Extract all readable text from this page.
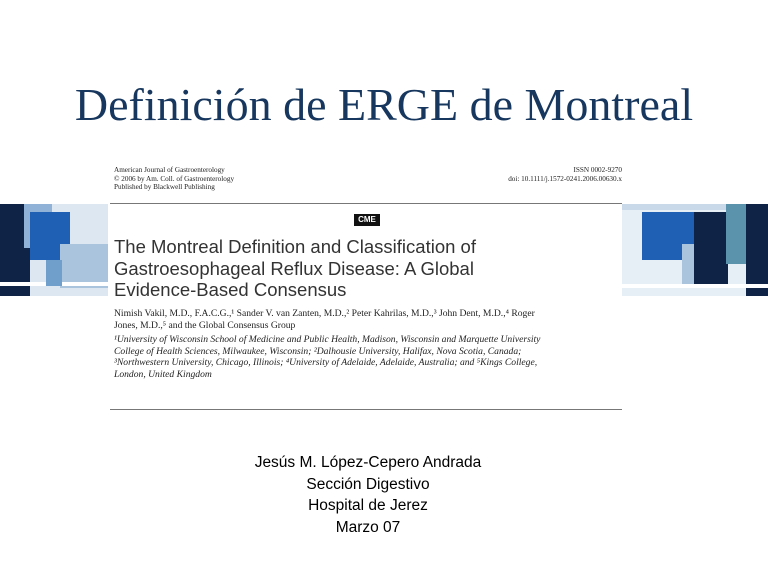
Definición de ERGE de Montreal
American Journal of Gastroenterology
© 2006 by Am. Coll. of Gastroenterology
Published by Blackwell Publishing
ISSN 0002-9270
doi: 10.1111/j.1572-0241.2006.00630.x
CME
The Montreal Definition and Classification of
Gastroesophageal Reflux Disease: A Global
Evidence-Based Consensus
Nimish Vakil, M.D., F.A.C.G.,¹ Sander V. van Zanten, M.D.,² Peter Kahrilas, M.D.,³ John Dent, M.D.,⁴ Roger
Jones, M.D.,⁵ and the Global Consensus Group
¹University of Wisconsin School of Medicine and Public Health, Madison, Wisconsin and Marquette University
College of Health Sciences, Milwaukee, Wisconsin; ²Dalhousie University, Halifax, Nova Scotia, Canada;
³Northwestern University, Chicago, Illinois; ⁴University of Adelaide, Adelaide, Australia; and ⁵Kings College,
London, United Kingdom
Jesús M. López-Cepero Andrada
Sección Digestivo
Hospital de Jerez
Marzo 07
